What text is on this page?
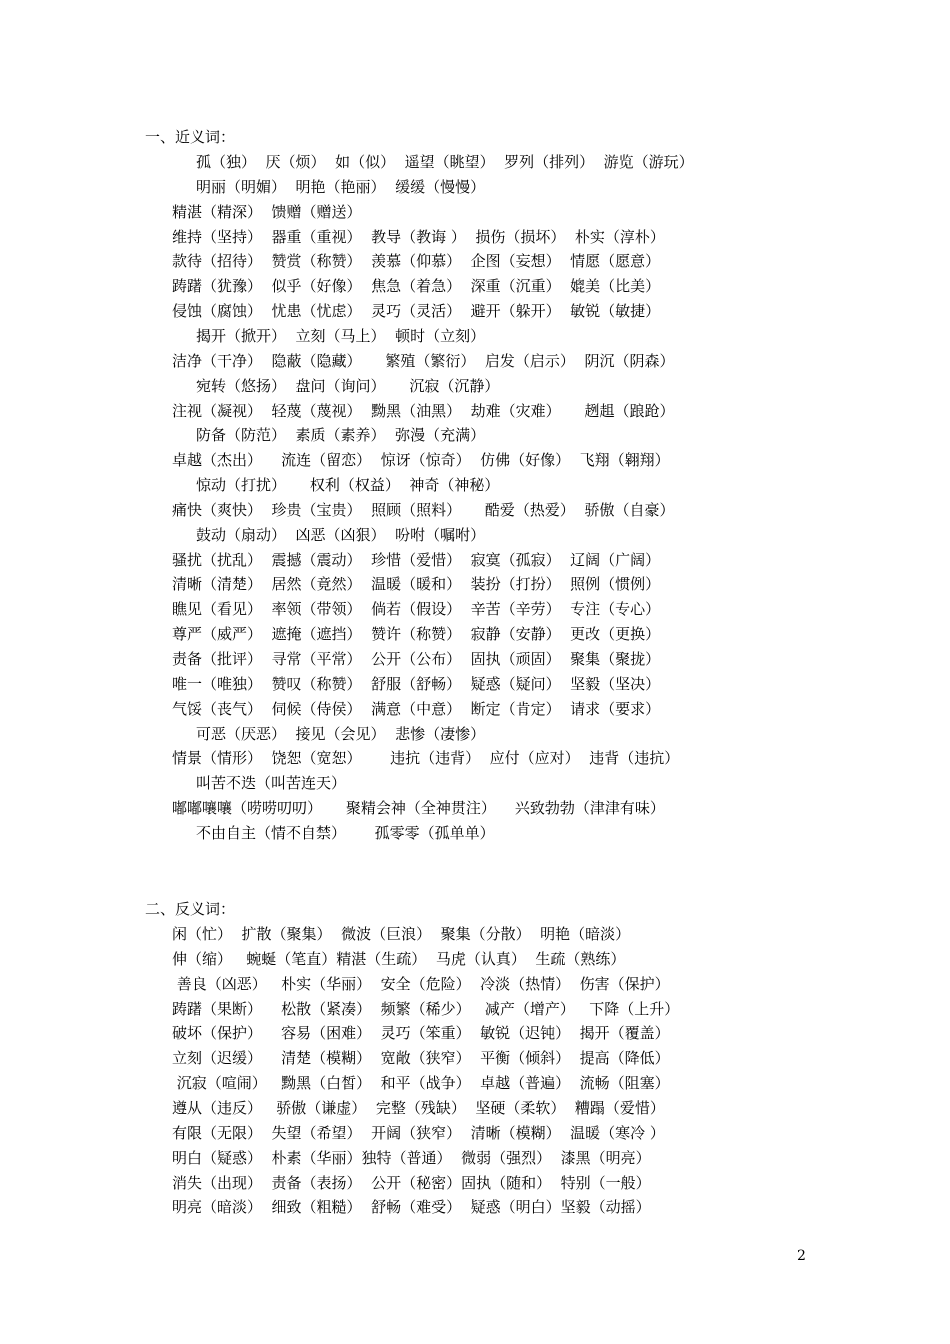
一、近义词：
孤（独）  厌（烦）  如（似）  遥望（眺望）  罗列（排列）  游览（游玩）
明丽（明媚）  明艳（艳丽）  缓缓（慢慢）
精湛（精深）  馈赠（赠送）
维持（坚持）  器重（重视）  教导（教诲 ）  损伤（损坏）  朴实（淳朴）
款待（招待）  赞赏（称赞）  羡慕（仰慕）  企图（妄想）  情愿（愿意）
踌躇（犹豫）  似乎（好像）  焦急（着急）  深重（沉重）  媲美（比美）
侵蚀（腐蚀）  忧患（忧虑）  灵巧（灵活）  避开（躲开）  敏锐（敏捷）
揭开（掀开）  立刻（马上）  顿时（立刻）
洁净（干净）  隐蔽（隐藏）     繁殖（繁衍）  启发（启示）  阴沉（阴森）
宛转（悠扬）  盘问（询问）     沉寂（沉静）
注视（凝视）  轻蔑（蔑视）  黝黑（油黑）  劫难（灾难）     趔趄（踉跄）
防备（防范）  素质（素养）  弥漫（充满）
卓越（杰出）    流连（留恋）  惊讶（惊奇）  仿佛（好像）  飞翔（翱翔）
惊动（打扰）     权利（权益）  神奇（神秘）
痛快（爽快）  珍贵（宝贵）  照顾（照料）     酷爱（热爱）  骄傲（自豪）
鼓动（扇动）  凶恶（凶狠）  吩咐（嘱咐）
骚扰（扰乱）  震撼（震动）  珍惜（爱惜）  寂寞（孤寂）  辽阔（广阔）
清晰（清楚）  居然（竟然）  温暖（暖和）  装扮（打扮）  照例（惯例）
瞧见（看见）  率领（带领）  倘若（假设）  辛苦（辛劳）  专注（专心）
尊严（威严）  遮掩（遮挡）  赞许（称赞）  寂静（安静）  更改（更换）
责备（批评）  寻常（平常）  公开（公布）  固执（顽固）  聚集（聚拢）
唯一（唯独）  赞叹（称赞）  舒服（舒畅）  疑惑（疑问）  坚毅（坚决）
气馁（丧气）  伺候（侍侯）  满意（中意）  断定（肯定）  请求（要求）
可恶（厌恶）  接见（会见）  悲惨（凄惨）
情景（情形）  饶恕（宽恕）      违抗（违背）  应付（应对）  违背（违抗）
叫苦不迭（叫苦连天）
嘟嘟嚷嚷（唠唠叨叨）     聚精会神（全神贯注）    兴致勃勃（津津有味）
不由自主（情不自禁）      孤零零（孤单单）
二、反义词：
闲（忙）  扩散（聚集）  微波（巨浪）  聚集（分散）  明艳（暗淡）
伸（缩）   蜿蜒（笔直）精湛（生疏）  马虎（认真）  生疏（熟练）
善良（凶恶）   朴实（华丽）  安全（危险）  冷淡（热情）  伤害（保护）
踌躇（果断）    松散（紧凑）  频繁（稀少）   减产（增产）   下降（上升）
破坏（保护）    容易（困难）  灵巧（笨重）  敏锐（迟钝）  揭开（覆盖）
立刻（迟缓）    清楚（模糊）  宽敞（狭窄）  平衡（倾斜）  提高（降低）
沉寂（喧闹）   黝黑（白皙）  和平（战争）  卓越（普遍）  流畅（阻塞）
遵从（违反）   骄傲（谦虚）  完整（残缺）  坚硬（柔软）  糟蹋（爱惜）
有限（无限）  失望（希望）  开阔（狭窄）  清晰（模糊）  温暖（寒冷 ）
明白（疑惑）  朴素（华丽）独特（普通）  微弱（强烈）  漆黑（明亮）
消失（出现）  责备（表扬）  公开（秘密）固执（随和）  特别（一般）
明亮（暗淡）  细致（粗糙）  舒畅（难受）  疑惑（明白）坚毅（动摇）
2
